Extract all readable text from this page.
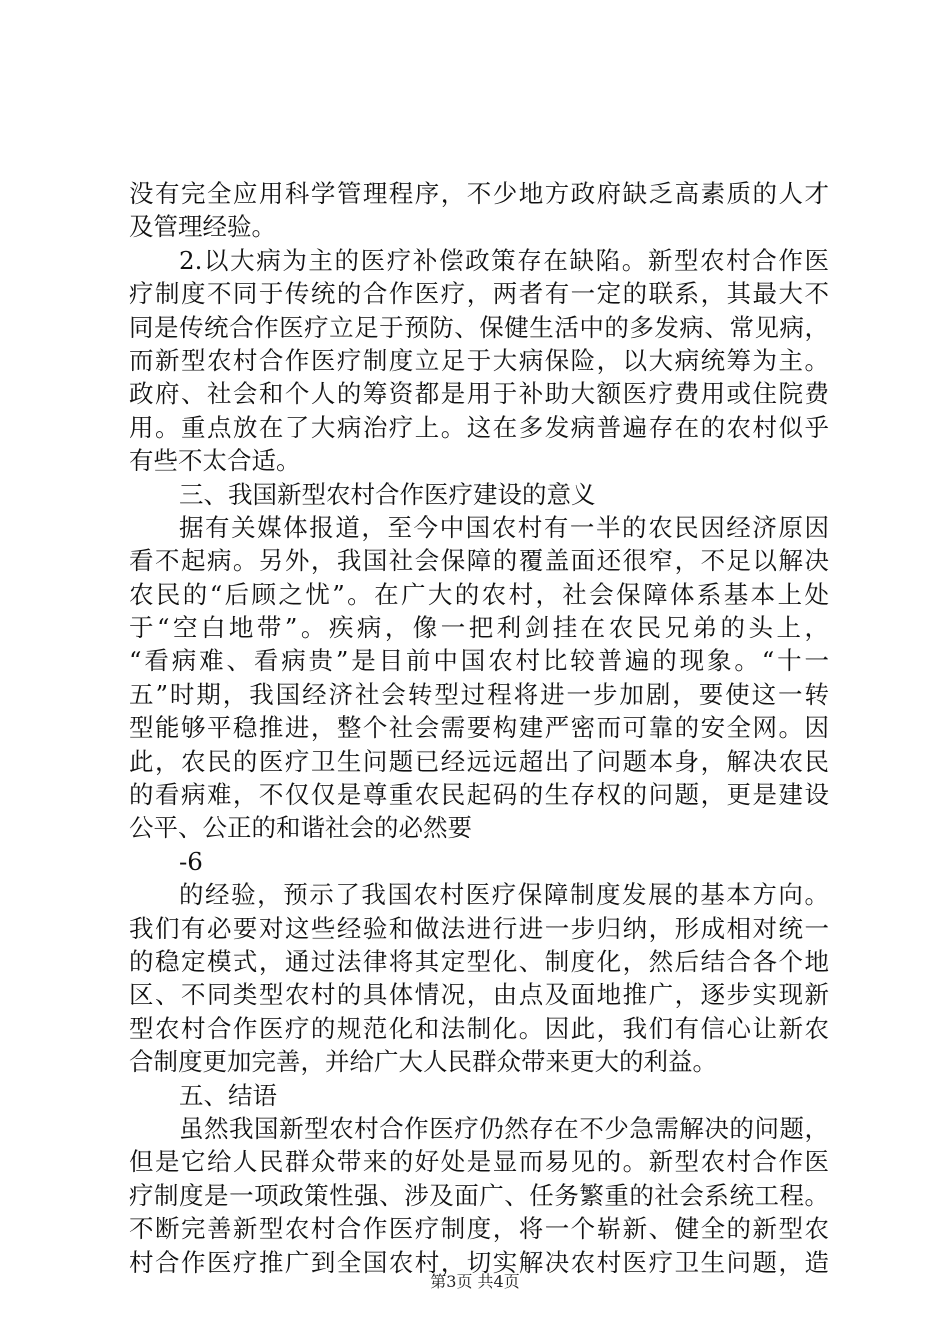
没有完全应用科学管理程序，不少地方政府缺乏高素质的人才
及管理经验。
2.以大病为主的医疗补偿政策存在缺陷。新型农村合作医
疗制度不同于传统的合作医疗，两者有一定的联系，其最大不
同是传统合作医疗立足于预防、保健生活中的多发病、常见病，
而新型农村合作医疗制度立足于大病保险，以大病统筹为主。
政府、社会和个人的筹资都是用于补助大额医疗费用或住院费
用。重点放在了大病治疗上。这在多发病普遍存在的农村似乎
有些不太合适。
三、我国新型农村合作医疗建设的意义
据有关媒体报道，至今中国农村有一半的农民因经济原因
看不起病。另外，我国社会保障的覆盖面还很窄，不足以解决
农民的“后顾之忧”。在广大的农村，社会保障体系基本上处
于“空白地带”。疾病，像一把利剑挂在农民兄弟的头上，
“看病难、看病贵”是目前中国农村比较普遍的现象。“十一
五”时期，我国经济社会转型过程将进一步加剧，要使这一转
型能够平稳推进，整个社会需要构建严密而可靠的安全网。因
此，农民的医疗卫生问题已经远远超出了问题本身，解决农民
的看病难，不仅仅是尊重农民起码的生存权的问题，更是建设
公平、公正的和谐社会的必然要
-6
的经验，预示了我国农村医疗保障制度发展的基本方向。
我们有必要对这些经验和做法进行进一步归纳，形成相对统一
的稳定模式，通过法律将其定型化、制度化，然后结合各个地
区、不同类型农村的具体情况，由点及面地推广，逐步实现新
型农村合作医疗的规范化和法制化。因此，我们有信心让新农
合制度更加完善，并给广大人民群众带来更大的利益。
五、结语
虽然我国新型农村合作医疗仍然存在不少急需解决的问题，
但是它给人民群众带来的好处是显而易见的。新型农村合作医
疗制度是一项政策性强、涉及面广、任务繁重的社会系统工程。
不断完善新型农村合作医疗制度，将一个崭新、健全的新型农
村合作医疗推广到全国农村，切实解决农村医疗卫生问题，造
第3页 共4页
